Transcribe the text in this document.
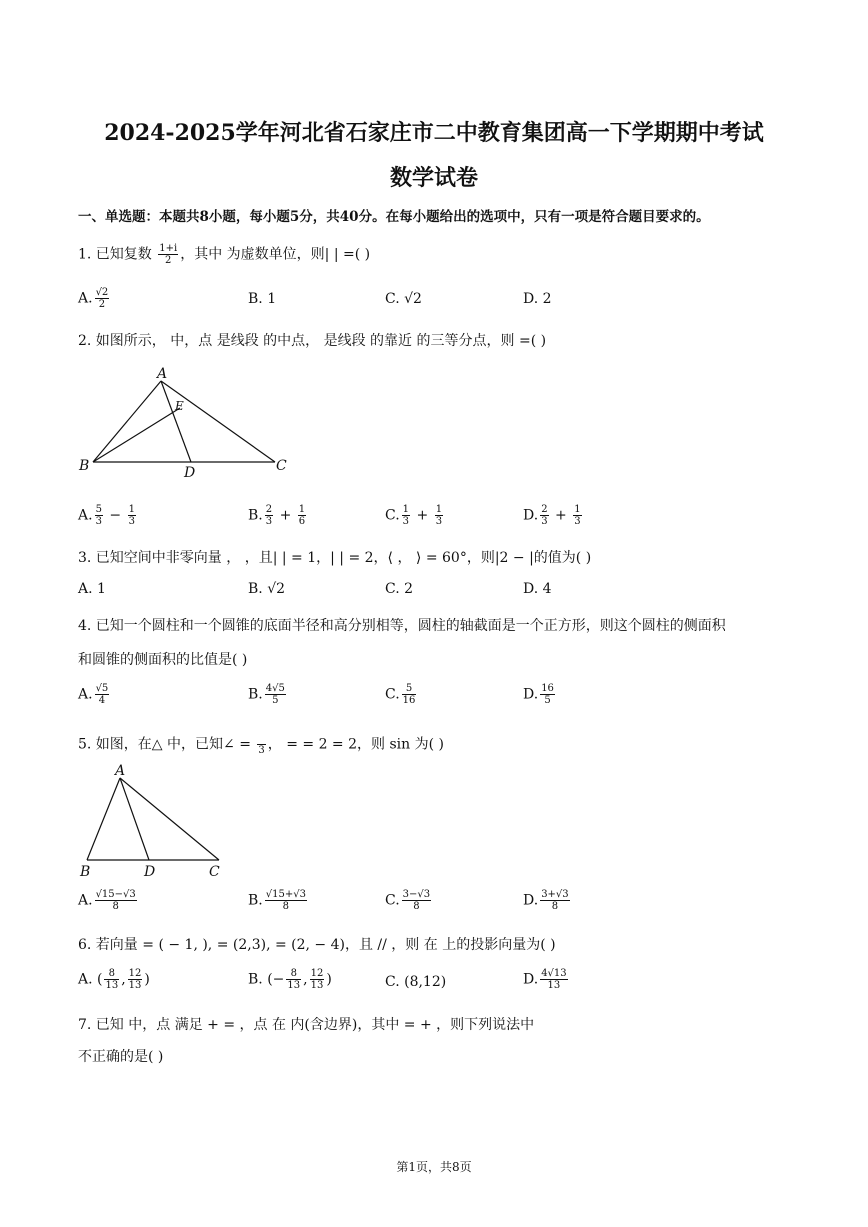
2024-2025学年河北省石家庄市二中教育集团高一下学期期中考试
数学试卷
一、单选题：本题共8小题，每小题5分，共40分。在每小题给出的选项中，只有一项是符合题目要求的。
1. 已知复数 $\frac{1+i}{2}$ ，其中 为虚数单位，则| | =( )
A. $\frac{√2}{2}$	B. 1	C. √2	D. 2
2. 如图所示， 中，点 是线段 的中点， 是线段 的靠近 的三等分点，则 =( )
A
E
B	D	C
A. $\frac{5}{3} - \frac{1}{3}$	B. $\frac{2}{3} + \frac{1}{6}$	C. $\frac{1}{3} + \frac{1}{3}$	D. $\frac{2}{3} + \frac{1}{3}$
3. 已知空间中非零向量 ， ，且| | = 1，| | = 2，⟨ ， ⟩ = 60°，则|2 − |的值为( )
A. 1	B. √2	C. 2	D. 4
4. 已知一个圆柱和一个圆锥的底面半径和高分别相等，圆柱的轴截面是一个正方形，则这个圆柱的侧面积
和圆锥的侧面积的比值是( )
A. $\frac{√5}{4}$	B. $\frac{4√5}{5}$	C. $\frac{5}{16}$	D. $\frac{16}{5}$
5. 如图，在△ 中，已知∠ =
3 ， = = 2 = 2，则 sin 为( )
A
B	D	C
A. $\frac{√15-√3}{8}$	B. $\frac{√15+√3}{8}$	C. $\frac{3-√3}{8}$	D. $\frac{3+√3}{8}$
6. 若向量 = ( − 1, ), = (2,3), = (2, − 4)，且 // ，则 在 上的投影向量为( )
A. ( $\frac{8}{13}$ , $\frac{12}{13}$ )	B. (− $\frac{8}{13}$ , $\frac{12}{13}$ )	C. (8,12)	D. $\frac{4√13}{13}$
7. 已知 中，点 满足 + = ，点 在 内(含边界)，其中 = + ，则下列说法中
不正确的是( )
第1页，共8页
